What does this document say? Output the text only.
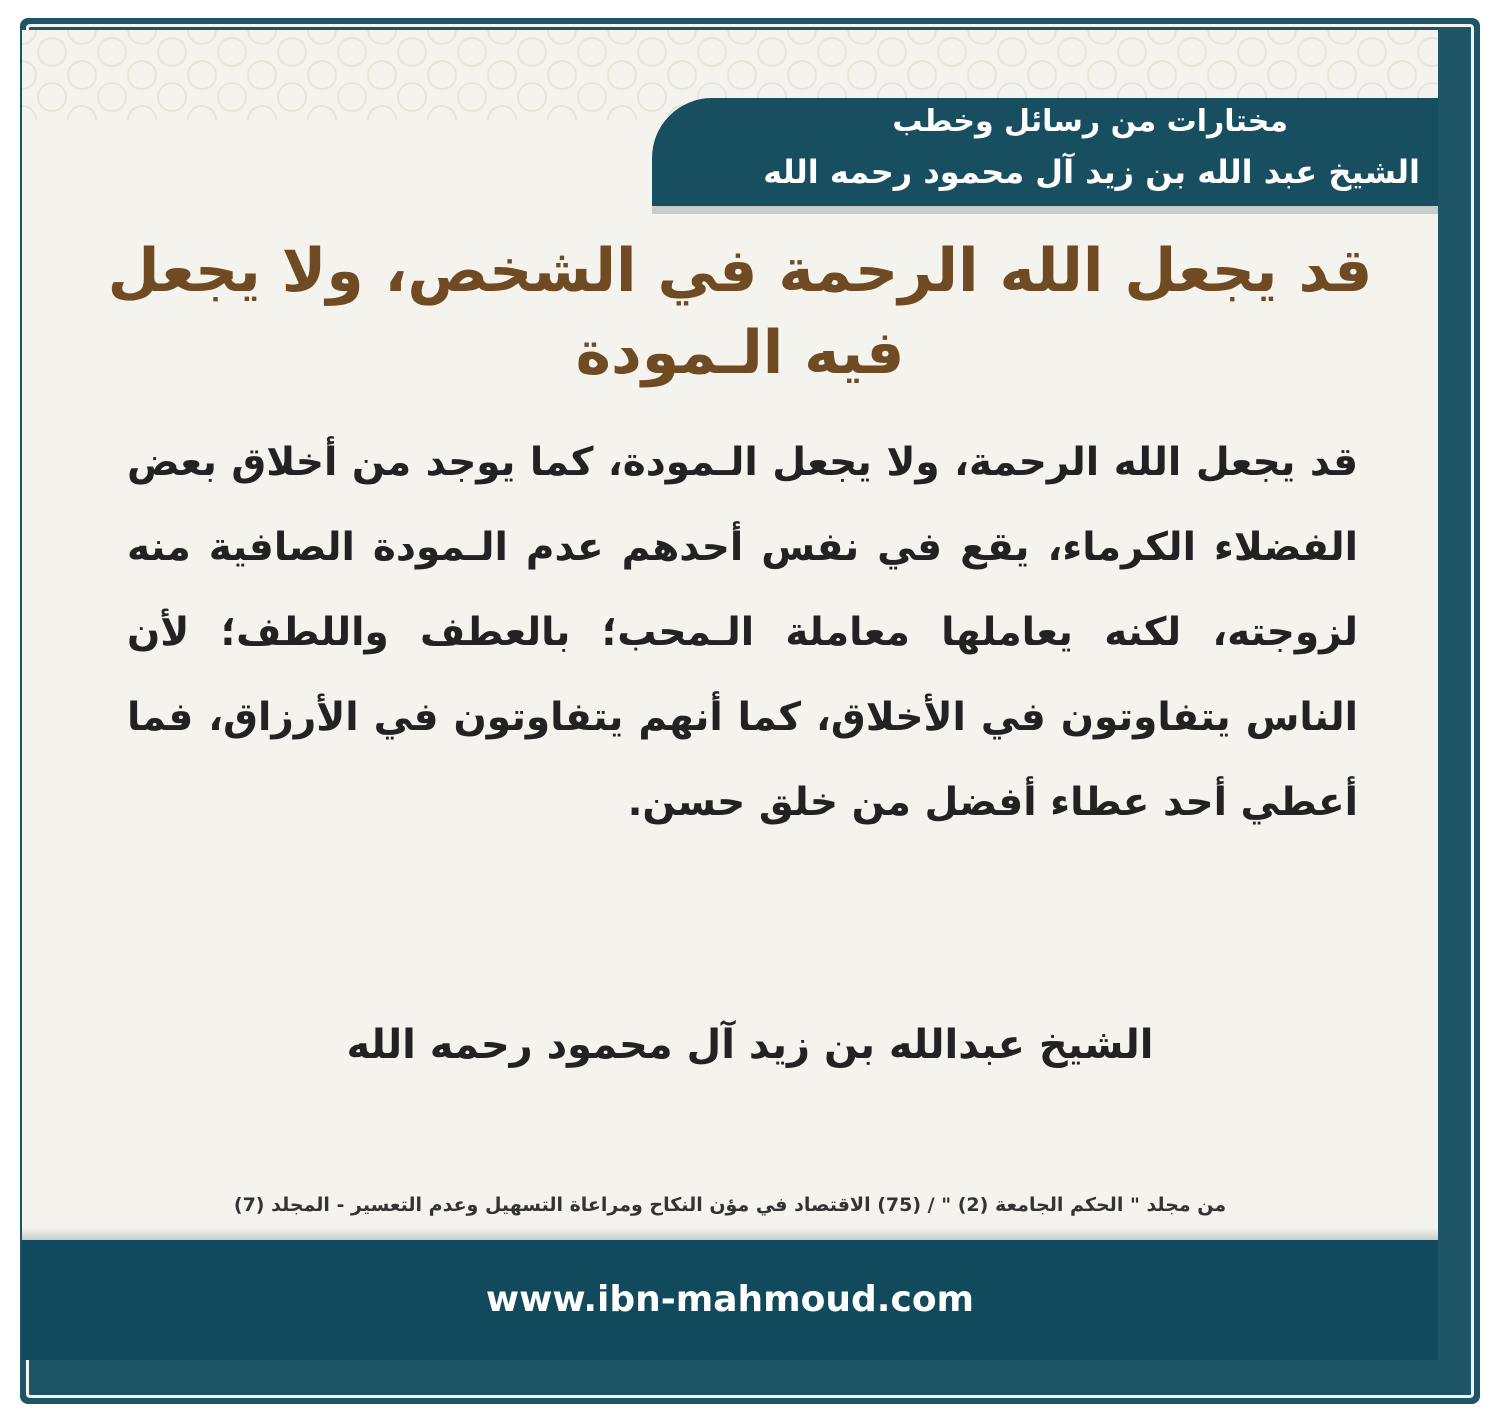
مختارات من رسائل وخطب
الشيخ عبد الله بن زيد آل محمود رحمه الله
قد يجعل الله الرحمة في الشخص، ولا يجعل فيه الـمودة
قد يجعل الله الرحمة، ولا يجعل الـمودة، كما يوجد من أخلاق بعض الفضلاء الكرماء، يقع في نفس أحدهم عدم الـمودة الصافية منه لزوجته، لكنه يعاملها معاملة الـمحب؛ بالعطف واللطف؛ لأن الناس يتفاوتون في الأخلاق، كما أنهم يتفاوتون في الأرزاق، فما أعطي أحد عطاء أفضل من خلق حسن.
الشيخ عبدالله بن زيد آل محمود رحمه الله
من مجلد " الحكم الجامعة (2) " / (75) الاقتصاد في مؤن النكاح ومراعاة التسهيل وعدم التعسير - المجلد (7)
www.ibn-mahmoud.com
